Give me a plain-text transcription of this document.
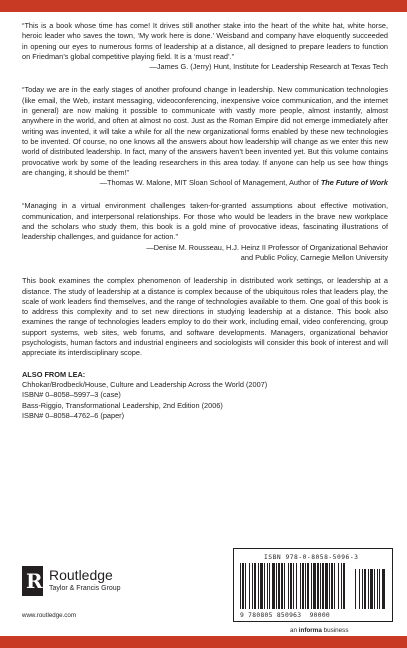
“This is a book whose time has come! It drives still another stake into the heart of the white hat, white horse, heroic leader who saves the town, ‘My work here is done.’ Weisband and company have eloquently succeeded in opening our eyes to numerous forms of leadership at a distance, all designed to prepare leaders to function on Friedman’s global competitive playing field. It is a ‘must read’.”

—James G. (Jerry) Hunt, Institute for Leadership Research at Texas Tech

“Today we are in the early stages of another profound change in leadership. New communication technologies (like email, the Web, instant messaging, videoconferencing, inexpensive voice communication, and the internet in general) are now making it possible to communicate with vastly more people, almost instantly, almost anywhere in the world, and often at almost no cost. Just as the Roman Empire did not emerge immediately after writing was invented, it will take a while for all the new organizational forms enabled by these new technologies to be invented. Of course, no one knows all the answers about how leadership will change as we enter this new world of distributed leadership. In fact, many of the answers haven’t been invented yet. But this volume contains provocative work by some of the leading researchers in this area today. If anyone can help us see how things are changing, it should be them!”

—Thomas W. Malone, MIT Sloan School of Management, Author of The Future of Work

“Managing in a virtual environment challenges taken-for-granted assumptions about effective motivation, communication, and interpersonal relationships. For those who would be leaders in the brave new workplace and the scholars who study them, this book is a gold mine of provocative ideas, fascinating illustrations of leadership challenges, and guidance for action.”

—Denise M. Rousseau, H.J. Heinz II Professor of Organizational Behavior

and Public Policy, Carnegie Mellon University

This book examines the complex phenomenon of leadership in distributed work settings, or leadership at a distance. The study of leadership at a distance is complex because of the ubiquitous roles that leaders play, the scale of work leaders find themselves, and the range of technologies available to them. One goal of this book is to address this complexity and to set new directions in studying leadership at a distance. This book also examines the range of technologies leaders employ to do their work, including email, video conferencing, group support systems, web sites, web forums, and software developments. Managers, organizational behavior psychologists, human factors and industrial engineers and sociologists will consider this book of interest and will appreciate its interdisciplinary scope.

ALSO FROM LEA:

Chhokar/Brodbeck/House, Culture and Leadership Across the World (2007)

ISBN# 0–8058–5997–3 (case)

Bass-Riggio, Transformational Leadership, 2nd Edition (2006)

ISBN# 0–8058–4762–6 (paper)

R Routledge
Taylor & Francis Group
www.routledge.com
ISBN 978-0-8058-5096-3
9 780805 850963 90000
an informa business
